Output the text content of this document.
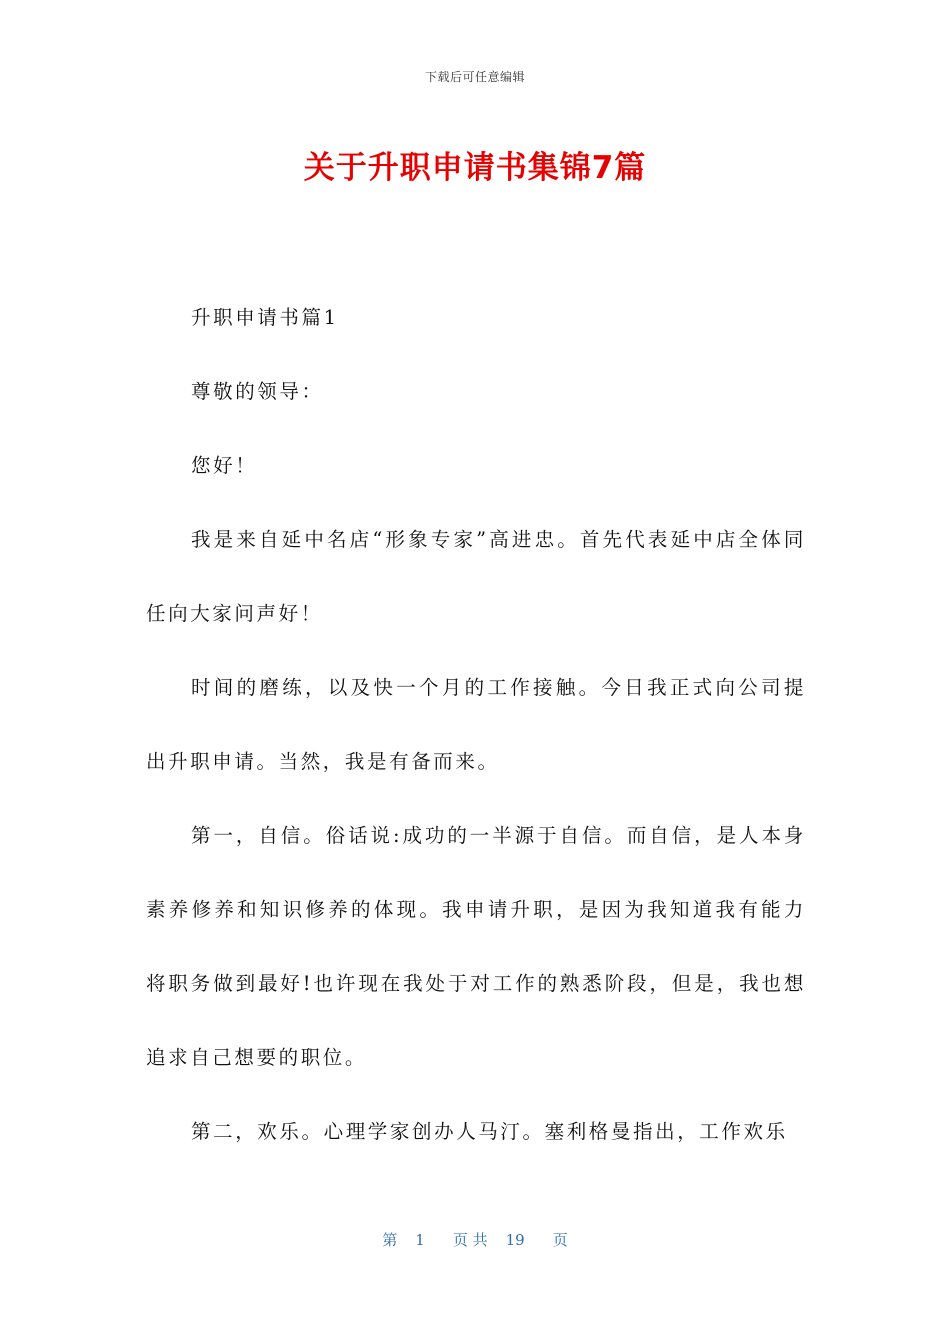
下载后可任意编辑
关于升职申请书集锦7篇

升职申请书篇1

尊敬的领导：

您好！

我是来自延中名店“形象专家”高进忠。首先代表延中店全体同任向大家问声好！

时间的磨练，以及快一个月的工作接触。今日我正式向公司提出升职申请。当然，我是有备而来。

第一，自信。俗话说:成功的一半源于自信。而自信，是人本身素养修养和知识修养的体现。我申请升职，是因为我知道我有能力将职务做到最好!也许现在我处于对工作的熟悉阶段，但是，我也想追求自己想要的职位。

第二，欢乐。心理学家创办人马汀。塞利格曼指出，工作欢乐

第 1 页 共 19 页
